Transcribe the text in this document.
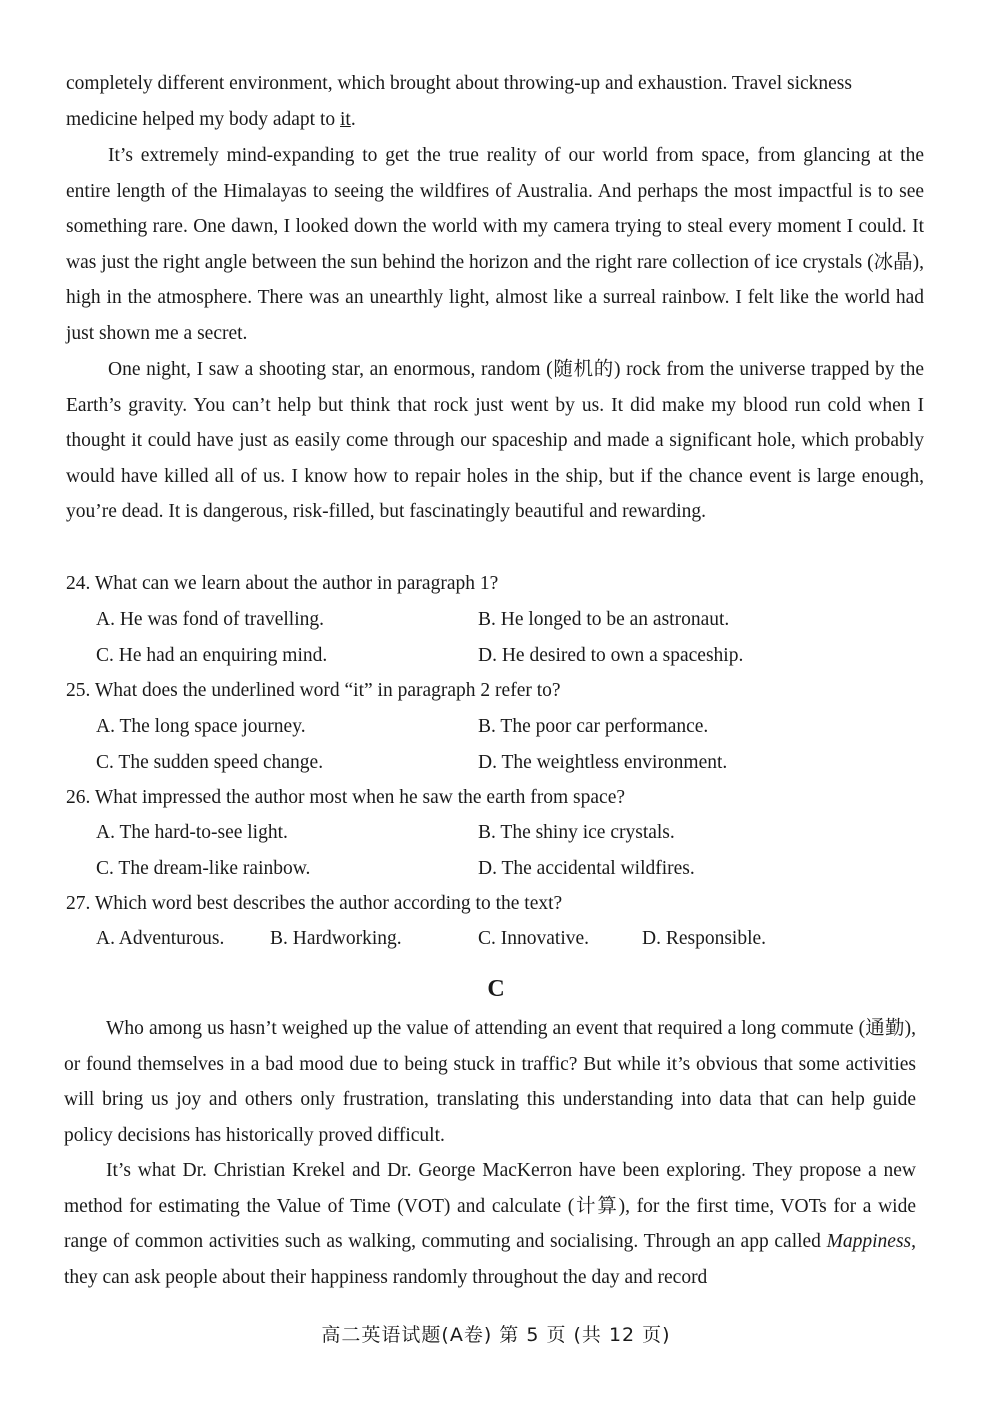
completely different environment, which brought about throwing-up and exhaustion. Travel sickness
medicine helped my body adapt to it.

It’s extremely mind-expanding to get the true reality of our world from space, from glancing at the entire length of the Himalayas to seeing the wildfires of Australia. And perhaps the most impactful is to see something rare. One dawn, I looked down the world with my camera trying to steal every moment I could. It was just the right angle between the sun behind the horizon and the right rare collection of ice crystals (冰晶), high in the atmosphere. There was an unearthly light, almost like a surreal rainbow. I felt like the world had just shown me a secret.

One night, I saw a shooting star, an enormous, random (随机的) rock from the universe trapped by the Earth’s gravity. You can’t help but think that rock just went by us. It did make my blood run cold when I thought it could have just as easily come through our spaceship and made a significant hole, which probably would have killed all of us. I know how to repair holes in the ship, but if the chance event is large enough, you’re dead. It is dangerous, risk-filled, but fascinatingly beautiful and rewarding.

24. What can we learn about the author in paragraph 1?

A. He was fond of travelling.	B. He longed to be an astronaut.
C. He had an enquiring mind.	D. He desired to own a spaceship.

25. What does the underlined word “it” in paragraph 2 refer to?

A. The long space journey.	B. The poor car performance.
C. The sudden speed change.	D. The weightless environment.

26. What impressed the author most when he saw the earth from space?

A. The hard-to-see light.	B. The shiny ice crystals.
C. The dream-like rainbow.	D. The accidental wildfires.

27. Which word best describes the author according to the text?

A. Adventurous. B. Hardworking.	C. Innovative.	D. Responsible.
C

Who among us hasn’t weighed up the value of attending an event that required a long commute (通勤), or found themselves in a bad mood due to being stuck in traffic? But while it’s obvious that some activities will bring us joy and others only frustration, translating this understanding into data that can help guide policy decisions has historically proved difficult.

It’s what Dr. Christian Krekel and Dr. George MacKerron have been exploring. They propose a new method for estimating the Value of Time (VOT) and calculate (计算), for the first time, VOTs for a wide range of common activities such as walking, commuting and socialising. Through an app called Mappiness, they can ask people about their happiness randomly throughout the day and record

高二英语试题(A卷) 第 5 页 (共 12 页)
